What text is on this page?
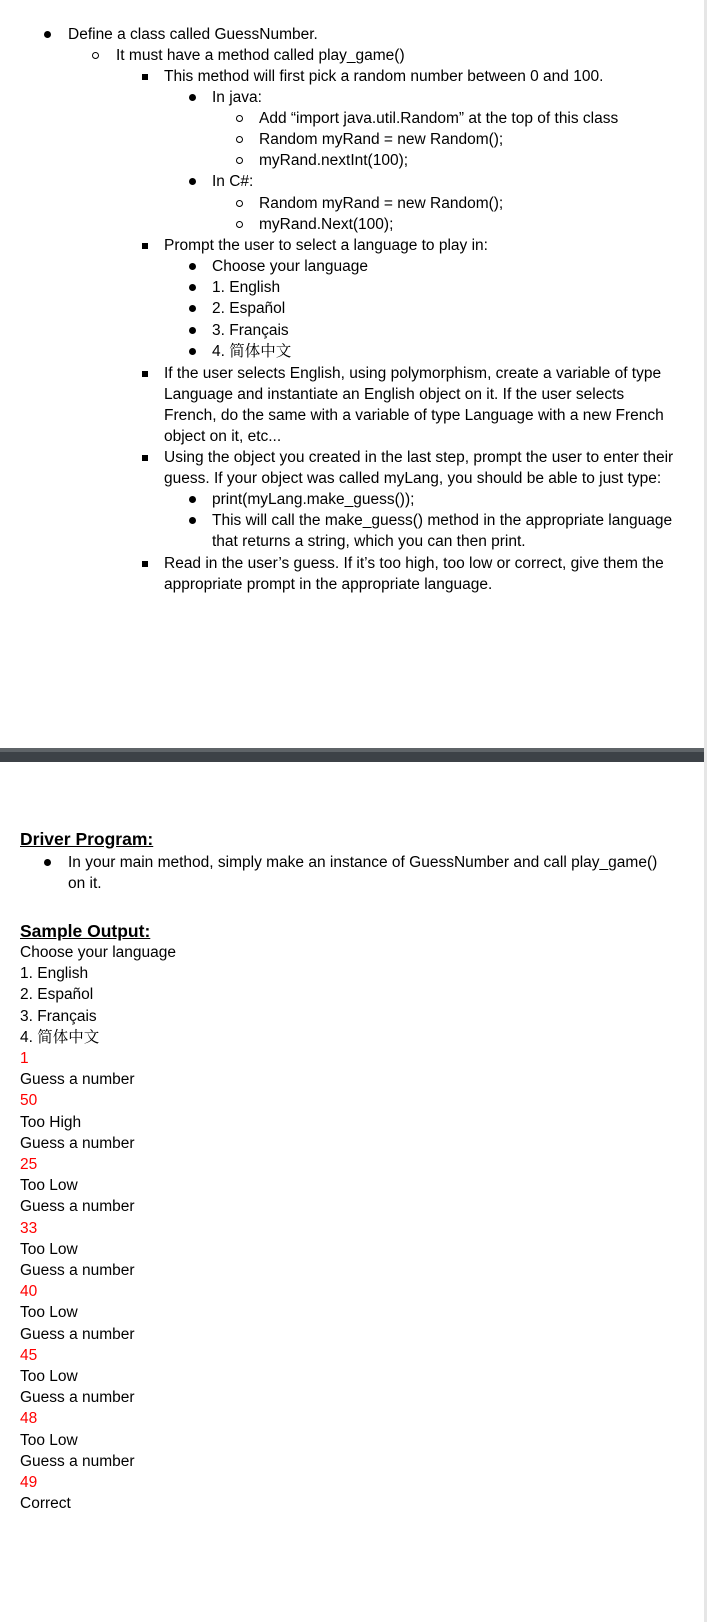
Define a class called GuessNumber.
It must have a method called play_game()
This method will first pick a random number between 0 and 100.
In java:
Add “import java.util.Random” at the top of this class
Random myRand = new Random();
myRand.nextInt(100);
In C#:
Random myRand = new Random();
myRand.Next(100);
Prompt the user to select a language to play in:
Choose your language
1. English
2. Español
3. Français
4. 简体中文
If the user selects English, using polymorphism, create a variable of type
Language and instantiate an English object on it. If the user selects
French, do the same with a variable of type Language with a new French
object on it, etc...
Using the object you created in the last step, prompt the user to enter their
guess. If your object was called myLang, you should be able to just type:
print(myLang.make_guess());
This will call the make_guess() method in the appropriate language
that returns a string, which you can then print.
Read in the user’s guess. If it’s too high, too low or correct, give them the
appropriate prompt in the appropriate language.
Driver Program:
In your main method, simply make an instance of GuessNumber and call play_game()
on it.
Sample Output:
Choose your language
1. English
2. Español
3. Français
4. 简体中文
1
Guess a number
50
Too High
Guess a number
25
Too Low
Guess a number
33
Too Low
Guess a number
40
Too Low
Guess a number
45
Too Low
Guess a number
48
Too Low
Guess a number
49
Correct
